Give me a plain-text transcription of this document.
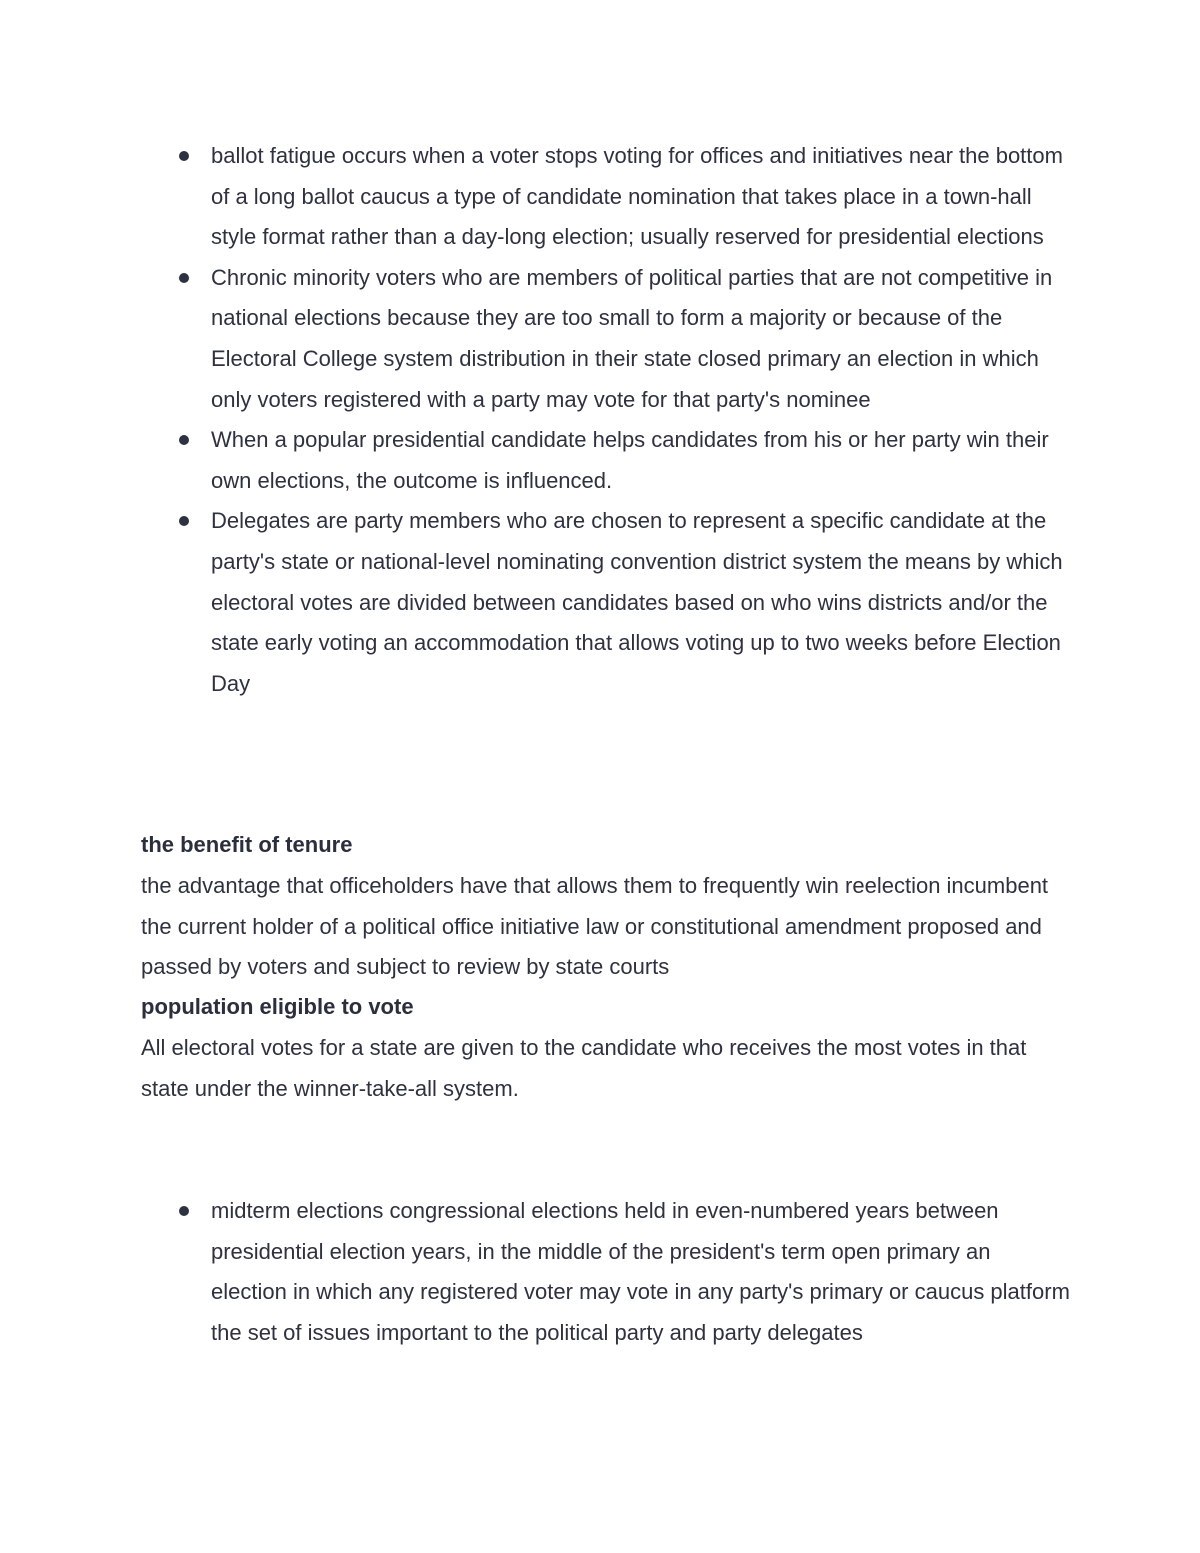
ballot fatigue occurs when a voter stops voting for offices and initiatives near the bottom of a long ballot caucus a type of candidate nomination that takes place in a town-hall style format rather than a day-long election; usually reserved for presidential elections
Chronic minority voters who are members of political parties that are not competitive in national elections because they are too small to form a majority or because of the Electoral College system distribution in their state closed primary an election in which only voters registered with a party may vote for that party's nominee
When a popular presidential candidate helps candidates from his or her party win their own elections, the outcome is influenced.
Delegates are party members who are chosen to represent a specific candidate at the party's state or national-level nominating convention district system the means by which electoral votes are divided between candidates based on who wins districts and/or the state early voting an accommodation that allows voting up to two weeks before Election Day
the benefit of tenure
the advantage that officeholders have that allows them to frequently win reelection incumbent the current holder of a political office initiative law or constitutional amendment proposed and passed by voters and subject to review by state courts
population eligible to vote
All electoral votes for a state are given to the candidate who receives the most votes in that state under the winner-take-all system.
midterm elections congressional elections held in even-numbered years between presidential election years, in the middle of the president's term open primary an election in which any registered voter may vote in any party's primary or caucus platform the set of issues important to the political party and party delegates
